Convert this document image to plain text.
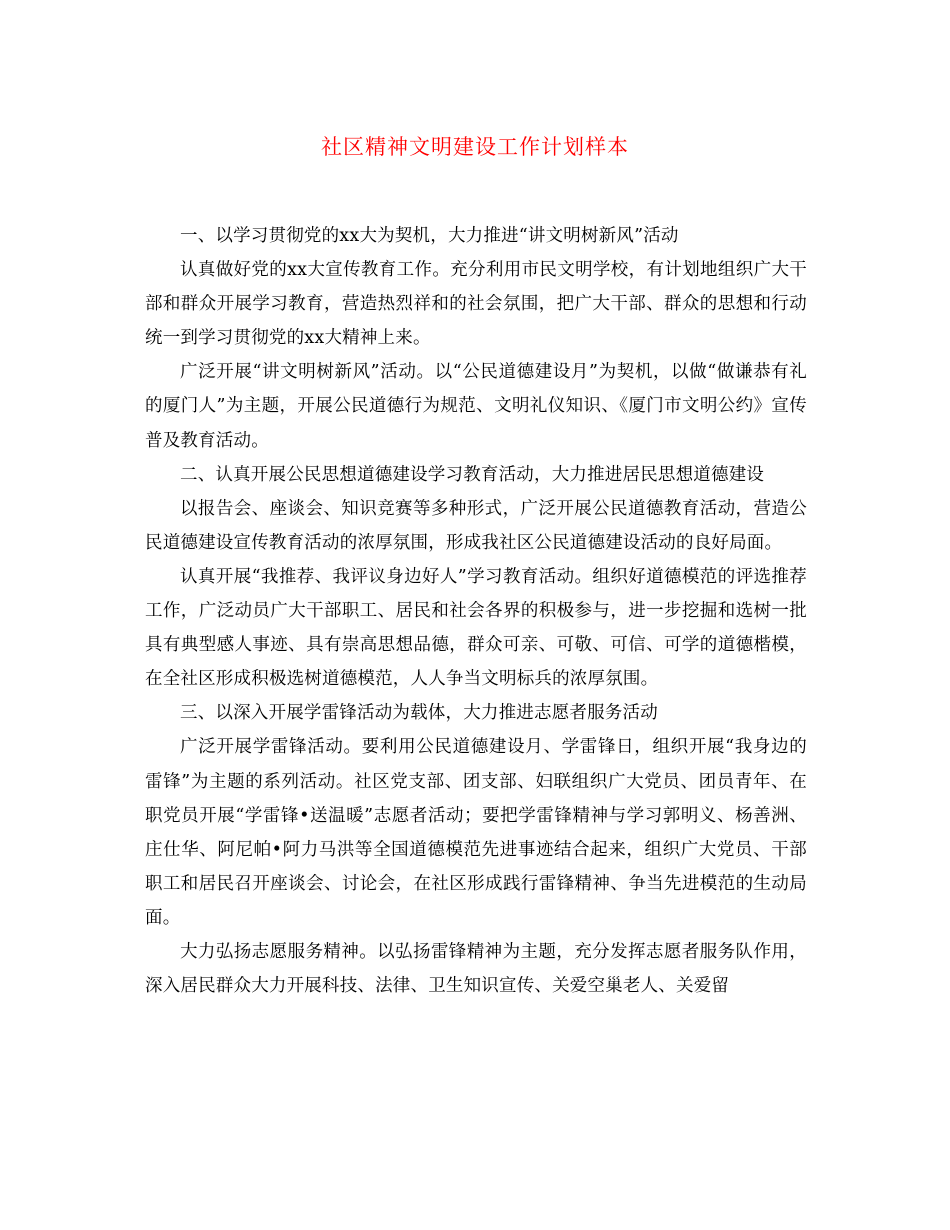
社区精神文明建设工作计划样本

一、以学习贯彻党的xx大为契机，大力推进“讲文明树新风”活动

认真做好党的xx大宣传教育工作。充分利用市民文明学校，有计划地组织广大干部和群众开展学习教育，营造热烈祥和的社会氛围，把广大干部、群众的思想和行动统一到学习贯彻党的xx大精神上来。

广泛开展“讲文明树新风”活动。以“公民道德建设月”为契机，以做“做谦恭有礼的厦门人”为主题，开展公民道德行为规范、文明礼仪知识、《厦门市文明公约》宣传普及教育活动。

二、认真开展公民思想道德建设学习教育活动，大力推进居民思想道德建设

以报告会、座谈会、知识竞赛等多种形式，广泛开展公民道德教育活动，营造公民道德建设宣传教育活动的浓厚氛围，形成我社区公民道德建设活动的良好局面。

认真开展“我推荐、我评议身边好人”学习教育活动。组织好道德模范的评选推荐工作，广泛动员广大干部职工、居民和社会各界的积极参与，进一步挖掘和选树一批具有典型感人事迹、具有崇高思想品德，群众可亲、可敬、可信、可学的道德楷模，在全社区形成积极选树道德模范，人人争当文明标兵的浓厚氛围。

三、以深入开展学雷锋活动为载体，大力推进志愿者服务活动

广泛开展学雷锋活动。要利用公民道德建设月、学雷锋日，组织开展“我身边的雷锋”为主题的系列活动。社区党支部、团支部、妇联组织广大党员、团员青年、在职党员开展“学雷锋•送温暖”志愿者活动；要把学雷锋精神与学习郭明义、杨善洲、庄仕华、阿尼帕•阿力马洪等全国道德模范先进事迹结合起来，组织广大党员、干部职工和居民召开座谈会、讨论会，在社区形成践行雷锋精神、争当先进模范的生动局面。

大力弘扬志愿服务精神。以弘扬雷锋精神为主题，充分发挥志愿者服务队作用，深入居民群众大力开展科技、法律、卫生知识宣传、关爱空巢老人、关爱留
